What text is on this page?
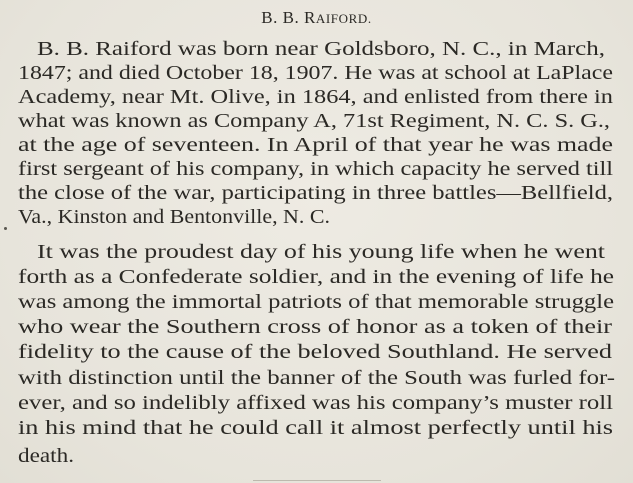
B. B. RAIFORD.
B. B. Raiford was born near Goldsboro, N. C., in March,
1847; and died October 18, 1907. He was at school at LaPlace
Academy, near Mt. Olive, in 1864, and enlisted from there in
what was known as Company A, 71st Regiment, N. C. S. G.,
at the age of seventeen. In April of that year he was made
first sergeant of his company, in which capacity he served till
the close of the war, participating in three battles—Bellfield,
Va., Kinston and Bentonville, N. C.
It was the proudest day of his young life when he went
forth as a Confederate soldier, and in the evening of life he
was among the immortal patriots of that memorable struggle
who wear the Southern cross of honor as a token of their
fidelity to the cause of the beloved Southland. He served
with distinction until the banner of the South was furled for-
ever, and so indelibly affixed was his company’s muster roll
in his mind that he could call it almost perfectly until his
death.
